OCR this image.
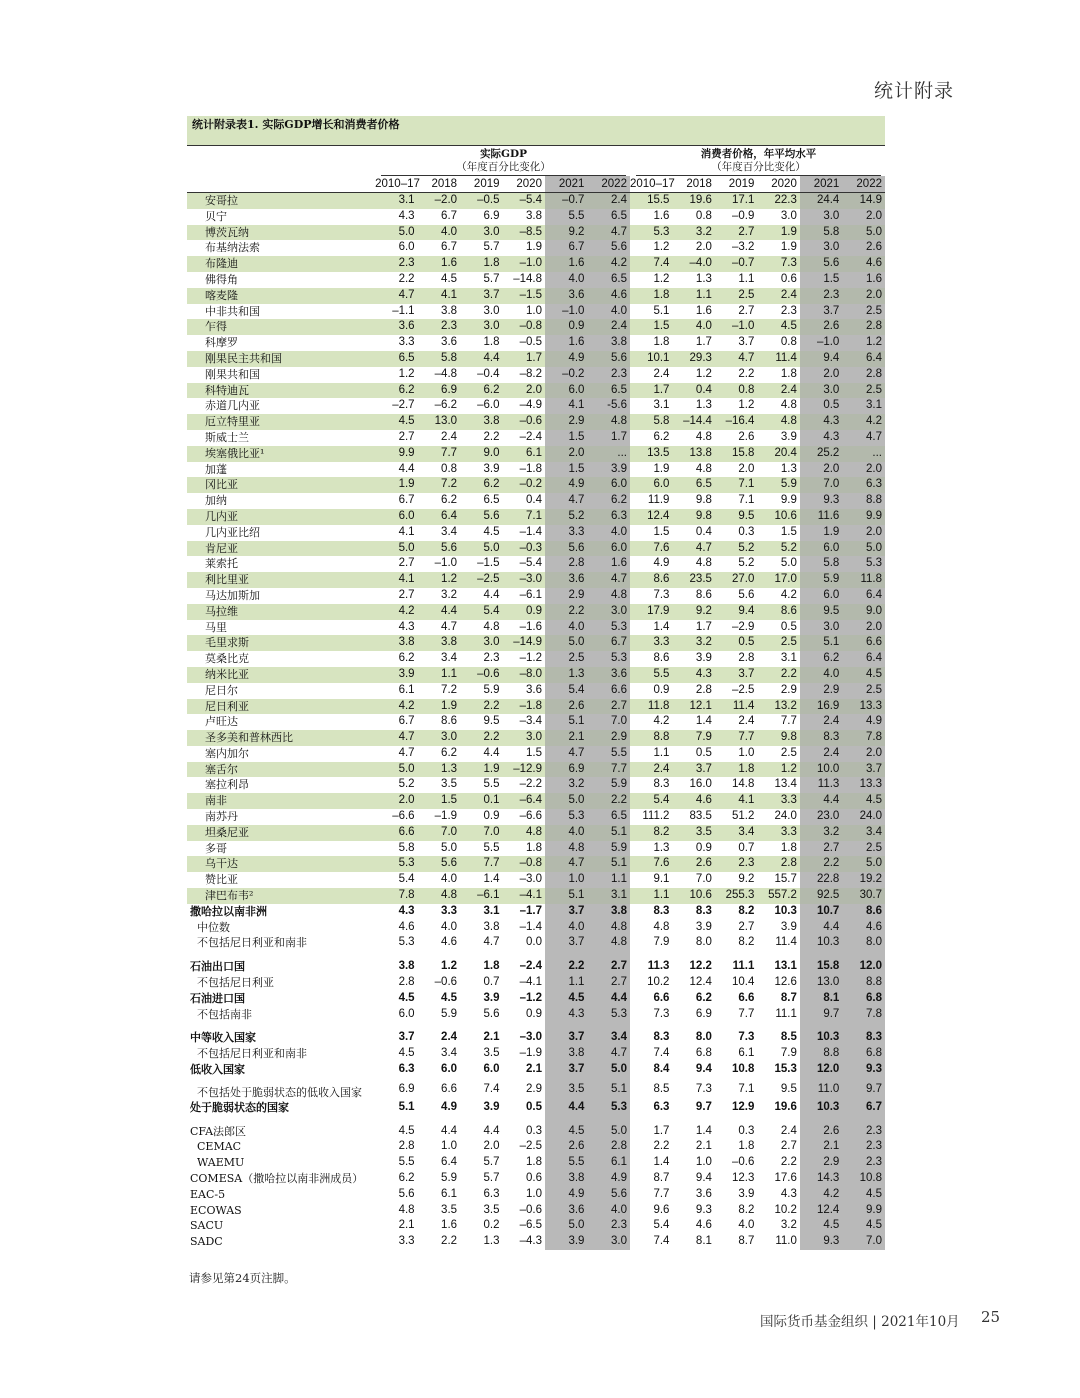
统计附录
统计附录表1. 实际GDP增长和消费者价格

	实际GDP
（年度百分比变化）						消费者价格，年平均水平
（年度百分比变化）					

	2010–17	2018	2019	2020	2021	2022	2010–17	2018	2019	2020	2021	2022
安哥拉	3.1	–2.0	–0.5	–5.4	–0.7	2.4	15.5	19.6	17.1	22.3	24.4	14.9
贝宁	4.3	6.7	6.9	3.8	5.5	6.5	1.6	0.8	–0.9	3.0	3.0	2.0
博茨瓦纳	5.0	4.0	3.0	–8.5	9.2	4.7	5.3	3.2	2.7	1.9	5.8	5.0
布基纳法索	6.0	6.7	5.7	1.9	6.7	5.6	1.2	2.0	–3.2	1.9	3.0	2.6
布隆迪	2.3	1.6	1.8	–1.0	1.6	4.2	7.4	–4.0	–0.7	7.3	5.6	4.6
佛得角	2.2	4.5	5.7	–14.8	4.0	6.5	1.2	1.3	1.1	0.6	1.5	1.6
喀麦隆	4.7	4.1	3.7	–1.5	3.6	4.6	1.8	1.1	2.5	2.4	2.3	2.0
中非共和国	–1.1	3.8	3.0	1.0	–1.0	4.0	5.1	1.6	2.7	2.3	3.7	2.5
乍得	3.6	2.3	3.0	–0.8	0.9	2.4	1.5	4.0	–1.0	4.5	2.6	2.8
科摩罗	3.3	3.6	1.8	–0.5	1.6	3.8	1.8	1.7	3.7	0.8	–1.0	1.2
刚果民主共和国	6.5	5.8	4.4	1.7	4.9	5.6	10.1	29.3	4.7	11.4	9.4	6.4
刚果共和国	1.2	–4.8	–0.4	–8.2	–0.2	2.3	2.4	1.2	2.2	1.8	2.0	2.8
科特迪瓦	6.2	6.9	6.2	2.0	6.0	6.5	1.7	0.4	0.8	2.4	3.0	2.5
赤道几内亚	–2.7	–6.2	–6.0	–4.9	4.1	-5.6	3.1	1.3	1.2	4.8	0.5	3.1
厄立特里亚	4.5	13.0	3.8	–0.6	2.9	4.8	5.8	–14.4	–16.4	4.8	4.3	4.2
斯威士兰	2.7	2.4	2.2	–2.4	1.5	1.7	6.2	4.8	2.6	3.9	4.3	4.7
埃塞俄比亚¹	9.9	7.7	9.0	6.1	2.0	...	13.5	13.8	15.8	20.4	25.2	...
加蓬	4.4	0.8	3.9	–1.8	1.5	3.9	1.9	4.8	2.0	1.3	2.0	2.0
冈比亚	1.9	7.2	6.2	–0.2	4.9	6.0	6.0	6.5	7.1	5.9	7.0	6.3
加纳	6.7	6.2	6.5	0.4	4.7	6.2	11.9	9.8	7.1	9.9	9.3	8.8
几内亚	6.0	6.4	5.6	7.1	5.2	6.3	12.4	9.8	9.5	10.6	11.6	9.9
几内亚比绍	4.1	3.4	4.5	–1.4	3.3	4.0	1.5	0.4	0.3	1.5	1.9	2.0
肯尼亚	5.0	5.6	5.0	–0.3	5.6	6.0	7.6	4.7	5.2	5.2	6.0	5.0
莱索托	2.7	–1.0	–1.5	–5.4	2.8	1.6	4.9	4.8	5.2	5.0	5.8	5.3
利比里亚	4.1	1.2	–2.5	–3.0	3.6	4.7	8.6	23.5	27.0	17.0	5.9	11.8
马达加斯加	2.7	3.2	4.4	–6.1	2.9	4.8	7.3	8.6	5.6	4.2	6.0	6.4
马拉维	4.2	4.4	5.4	0.9	2.2	3.0	17.9	9.2	9.4	8.6	9.5	9.0
马里	4.3	4.7	4.8	–1.6	4.0	5.3	1.4	1.7	–2.9	0.5	3.0	2.0
毛里求斯	3.8	3.8	3.0	–14.9	5.0	6.7	3.3	3.2	0.5	2.5	5.1	6.6
莫桑比克	6.2	3.4	2.3	–1.2	2.5	5.3	8.6	3.9	2.8	3.1	6.2	6.4
纳米比亚	3.9	1.1	–0.6	–8.0	1.3	3.6	5.5	4.3	3.7	2.2	4.0	4.5
尼日尔	6.1	7.2	5.9	3.6	5.4	6.6	0.9	2.8	–2.5	2.9	2.9	2.5
尼日利亚	4.2	1.9	2.2	–1.8	2.6	2.7	11.8	12.1	11.4	13.2	16.9	13.3
卢旺达	6.7	8.6	9.5	–3.4	5.1	7.0	4.2	1.4	2.4	7.7	2.4	4.9
圣多美和普林西比	4.7	3.0	2.2	3.0	2.1	2.9	8.8	7.9	7.7	9.8	8.3	7.8
塞内加尔	4.7	6.2	4.4	1.5	4.7	5.5	1.1	0.5	1.0	2.5	2.4	2.0
塞舌尔	5.0	1.3	1.9	–12.9	6.9	7.7	2.4	3.7	1.8	1.2	10.0	3.7
塞拉利昂	5.2	3.5	5.5	–2.2	3.2	5.9	8.3	16.0	14.8	13.4	11.3	13.3
南非	2.0	1.5	0.1	–6.4	5.0	2.2	5.4	4.6	4.1	3.3	4.4	4.5
南苏丹	–6.6	–1.9	0.9	–6.6	5.3	6.5	111.2	83.5	51.2	24.0	23.0	24.0
坦桑尼亚	6.6	7.0	7.0	4.8	4.0	5.1	8.2	3.5	3.4	3.3	3.2	3.4
多哥	5.8	5.0	5.5	1.8	4.8	5.9	1.3	0.9	0.7	1.8	2.7	2.5
乌干达	5.3	5.6	7.7	–0.8	4.7	5.1	7.6	2.6	2.3	2.8	2.2	5.0
赞比亚	5.4	4.0	1.4	–3.0	1.0	1.1	9.1	7.0	9.2	15.7	22.8	19.2
津巴布韦²	7.8	4.8	–6.1	–4.1	5.1	3.1	1.1	10.6	255.3	557.2	92.5	30.7
撒哈拉以南非洲	4.3	3.3	3.1	–1.7	3.7	3.8	8.3	8.3	8.2	10.3	10.7	8.6
中位数	4.6	4.0	3.8	–1.4	4.0	4.8	4.8	3.9	2.7	3.9	4.4	4.6
不包括尼日利亚和南非	5.3	4.6	4.7	0.0	3.7	4.8	7.9	8.0	8.2	11.4	10.3	8.0

石油出口国	3.8	1.2	1.8	–2.4	2.2	2.7	11.3	12.2	11.1	13.1	15.8	12.0
不包括尼日利亚	2.8	–0.6	0.7	–4.1	1.1	2.7	10.2	12.4	10.4	12.6	13.0	8.8
石油进口国	4.5	4.5	3.9	–1.2	4.5	4.4	6.6	6.2	6.6	8.7	8.1	6.8
不包括南非	6.0	5.9	5.6	0.9	4.3	5.3	7.3	6.9	7.7	11.1	9.7	7.8

中等收入国家	3.7	2.4	2.1	–3.0	3.7	3.4	8.3	8.0	7.3	8.5	10.3	8.3
不包括尼日利亚和南非	4.5	3.4	3.5	–1.9	3.8	4.7	7.4	6.8	6.1	7.9	8.8	6.8
低收入国家	6.3	6.0	6.0	2.1	3.7	5.0	8.4	9.4	10.8	15.3	12.0	9.3
不包括处于脆弱状态的低收入国家	6.9	6.6	7.4	2.9	3.5	5.1	8.5	7.3	7.1	9.5	11.0	9.7
处于脆弱状态的国家	5.1	4.9	3.9	0.5	4.4	5.3	6.3	9.7	12.9	19.6	10.3	6.7

CFA法郎区	4.5	4.4	4.4	0.3	4.5	5.0	1.7	1.4	0.3	2.4	2.6	2.3
CEMAC	2.8	1.0	2.0	–2.5	2.6	2.8	2.2	2.1	1.8	2.7	2.1	2.3
WAEMU	5.5	6.4	5.7	1.8	5.5	6.1	1.4	1.0	–0.6	2.2	2.9	2.3
COMESA（撒哈拉以南非洲成员）	6.2	5.9	5.7	0.6	3.8	4.9	8.7	9.4	12.3	17.6	14.3	10.8
EAC-5	5.6	6.1	6.3	1.0	4.9	5.6	7.7	3.6	3.9	4.3	4.2	4.5
ECOWAS	4.8	3.5	3.5	–0.6	3.6	4.0	9.6	9.3	8.2	10.2	12.4	9.9
SACU	2.1	1.6	0.2	–6.5	5.0	2.3	5.4	4.6	4.0	3.2	4.5	4.5
SADC	3.3	2.2	1.3	–4.3	3.9	3.0	7.4	8.1	8.7	11.0	9.3	7.0
请参见第24页注脚。
国际货币基金组织 | 2021年10月 25
